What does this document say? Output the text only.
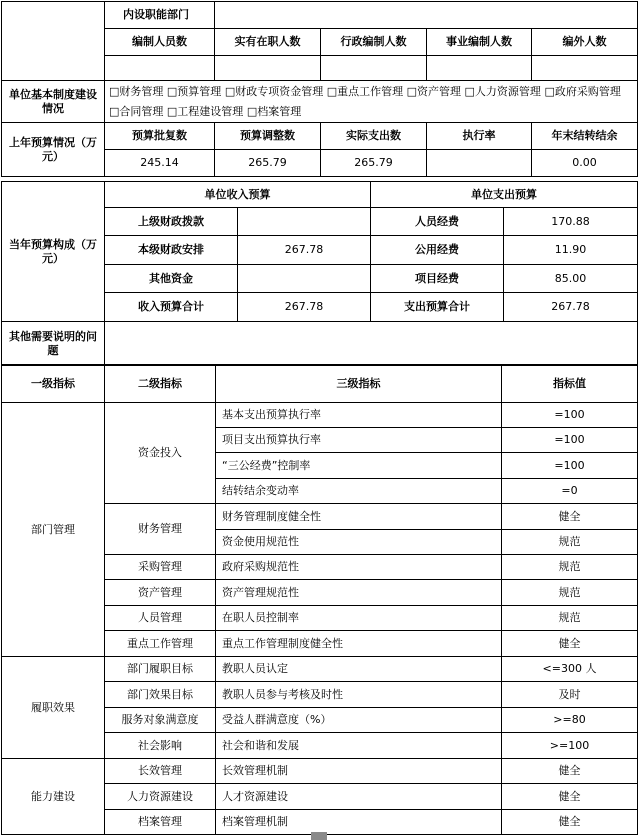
	内设职能部门				
	编制人员数	实有在职人数	行政编制人数	事业编制人数	编外人数

单位基本制度建设情况	□财务管理 □预算管理 □财政专项资金管理 □重点工作管理 □资产管理 □人力资源管理 □政府采购管理 □合同管理 □工程建设管理 □档案管理				
上年预算情况（万元）	预算批复数	预算调整数	实际支出数	执行率	年末结转结余
	245.14	265.79	265.79		0.00
当年预算构成（万元）	单位收入预算		单位支出预算	
	上级财政拨款		人员经费	170.88
	本级财政安排	267.78	公用经费	11.90
	其他资金		项目经费	85.00
	收入预算合计	267.78	支出预算合计	267.78
其他需要说明的问题				
一级指标	二级指标	三级指标	指标值
部门管理	资金投入	基本支出预算执行率	=100
		项目支出预算执行率	=100
		“三公经费”控制率	=100
		结转结余变动率	=0
	财务管理	财务管理制度健全性	健全
		资金使用规范性	规范
	采购管理	政府采购规范性	规范
	资产管理	资产管理规范性	规范
	人员管理	在职人员控制率	规范
	重点工作管理	重点工作管理制度健全性	健全
履职效果	部门履职目标	教职人员认定	<=300 人
	部门效果目标	教职人员参与考核及时性	及时
	服务对象满意度	受益人群满意度（%）	>=80
	社会影响	社会和谐和发展	>=100
能力建设	长效管理	长效管理机制	健全
	人力资源建设	人才资源建设	健全
	档案管理	档案管理机制	健全
